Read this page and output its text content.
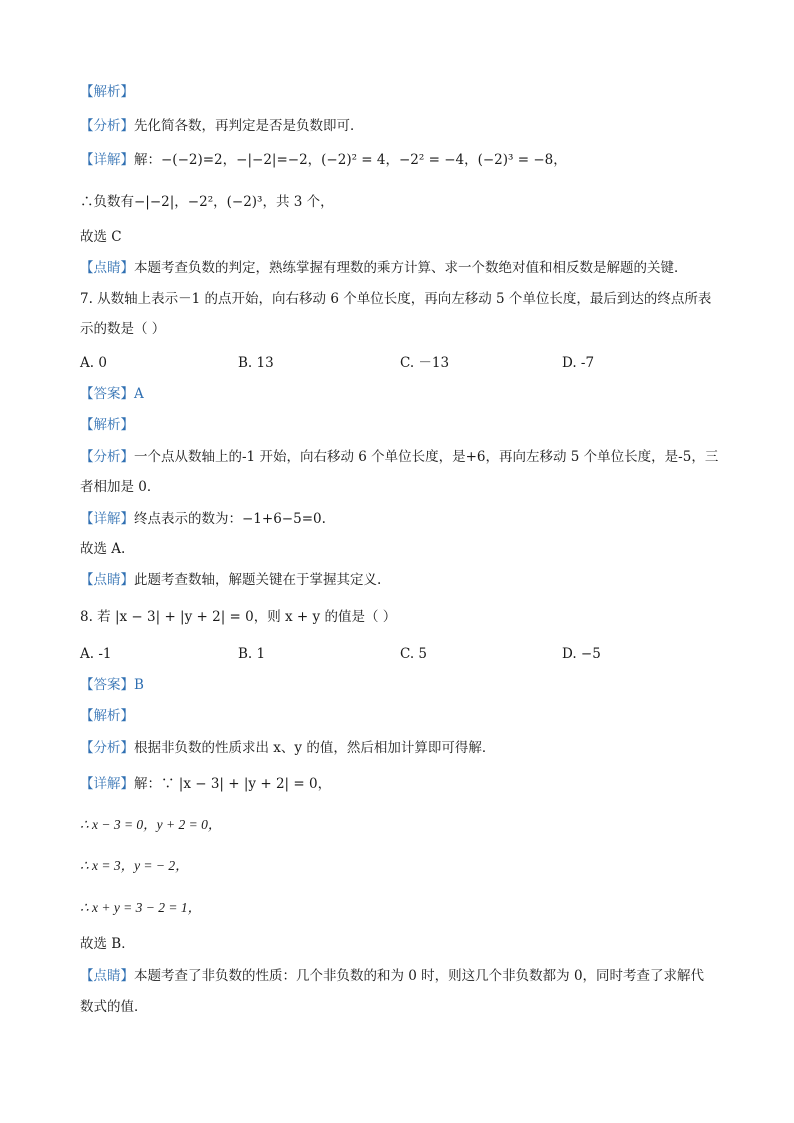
【解析】
【分析】先化简各数，再判定是否是负数即可．
【详解】解：−(−2)=2，−|−2|=−2，(−2)² = 4，−2² = −4，(−2)³ = −8，
∴负数有−|−2|，−2²，(−2)³，共 3 个，
故选 C
【点睛】本题考查负数的判定，熟练掌握有理数的乘方计算、求一个数绝对值和相反数是解题的关键．
7. 从数轴上表示－1 的点开始，向右移动 6 个单位长度，再向左移动 5 个单位长度，最后到达的终点所表
示的数是（ ）
A. 0	B. 13	C. －13	D. -7
【答案】A
【解析】
【分析】一个点从数轴上的-1 开始，向右移动 6 个单位长度，是+6，再向左移动 5 个单位长度，是-5，三
者相加是 0．
【详解】终点表示的数为：−1+6−5=0.
故选 A.
【点睛】此题考查数轴，解题关键在于掌握其定义.
8. 若 |x − 3| + |y + 2| = 0，则 x + y 的值是（ ）
A. -1	B. 1	C. 5	D. −5
【答案】B
【解析】
【分析】根据非负数的性质求出 x、y 的值，然后相加计算即可得解．
【详解】解：∵ |x − 3| + |y + 2| = 0，
∴ x − 3 = 0，y + 2 = 0，
∴ x = 3，y = − 2，
∴ x + y = 3 − 2 = 1，
故选 B．
【点睛】本题考查了非负数的性质：几个非负数的和为 0 时，则这几个非负数都为 0，同时考查了求解代
数式的值．
